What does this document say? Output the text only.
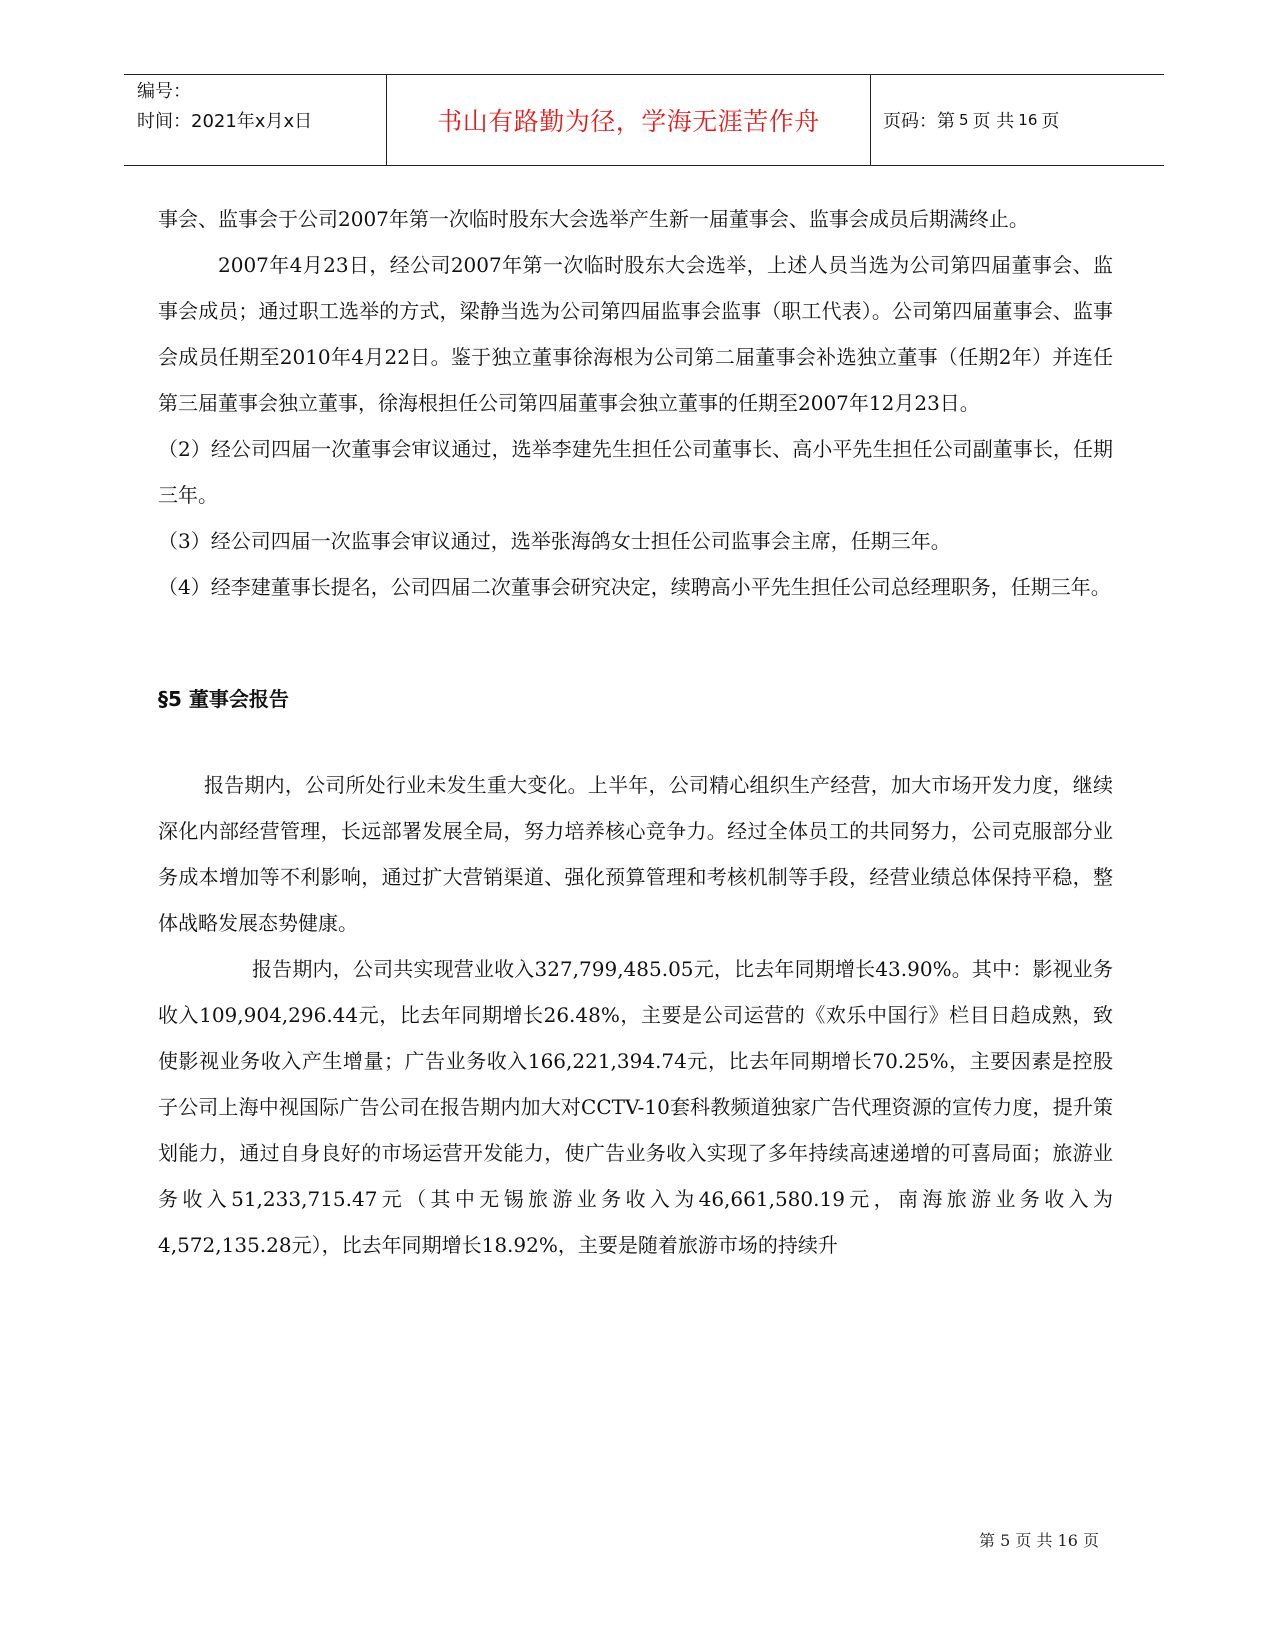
编号：
时间：2021年x月x日	书山有路勤为径，学海无涯苦作舟	页码：第 5 页 共 16 页

事会、监事会于公司2007年第一次临时股东大会选举产生新一届董事会、监事会成员后期满终止。

2007年4月23日，经公司2007年第一次临时股东大会选举，上述人员当选为公司第四届董事会、监事会成员；通过职工选举的方式，梁静当选为公司第四届监事会监事（职工代表）。公司第四届董事会、监事会成员任期至2010年4月22日。鉴于独立董事徐海根为公司第二届董事会补选独立董事（任期2年）并连任第三届董事会独立董事，徐海根担任公司第四届董事会独立董事的任期至2007年12月23日。

（2）经公司四届一次董事会审议通过，选举李建先生担任公司董事长、高小平先生担任公司副董事长，任期三年。

（3）经公司四届一次监事会审议通过，选举张海鸽女士担任公司监事会主席，任期三年。

（4）经李建董事长提名，公司四届二次董事会研究决定，续聘高小平先生担任公司总经理职务，任期三年。

§5 董事会报告

报告期内，公司所处行业未发生重大变化。上半年，公司精心组织生产经营，加大市场开发力度，继续深化内部经营管理，长远部署发展全局，努力培养核心竞争力。经过全体员工的共同努力，公司克服部分业务成本增加等不利影响，通过扩大营销渠道、强化预算管理和考核机制等手段，经营业绩总体保持平稳，整体战略发展态势健康。

报告期内，公司共实现营业收入327,799,485.05元，比去年同期增长43.90%。其中：影视业务收入109,904,296.44元，比去年同期增长26.48%，主要是公司运营的《欢乐中国行》栏目日趋成熟，致使影视业务收入产生增量；广告业务收入166,221,394.74元，比去年同期增长70.25%，主要因素是控股子公司上海中视国际广告公司在报告期内加大对CCTV-10套科教频道独家广告代理资源的宣传力度，提升策划能力，通过自身良好的市场运营开发能力，使广告业务收入实现了多年持续高速递增的可喜局面；旅游业务收入51,233,715.47元（其中无锡旅游业务收入为46,661,580.19元，南海旅游业务收入为4,572,135.28元），比去年同期增长18.92%，主要是随着旅游市场的持续升

第 5 页 共 16 页
